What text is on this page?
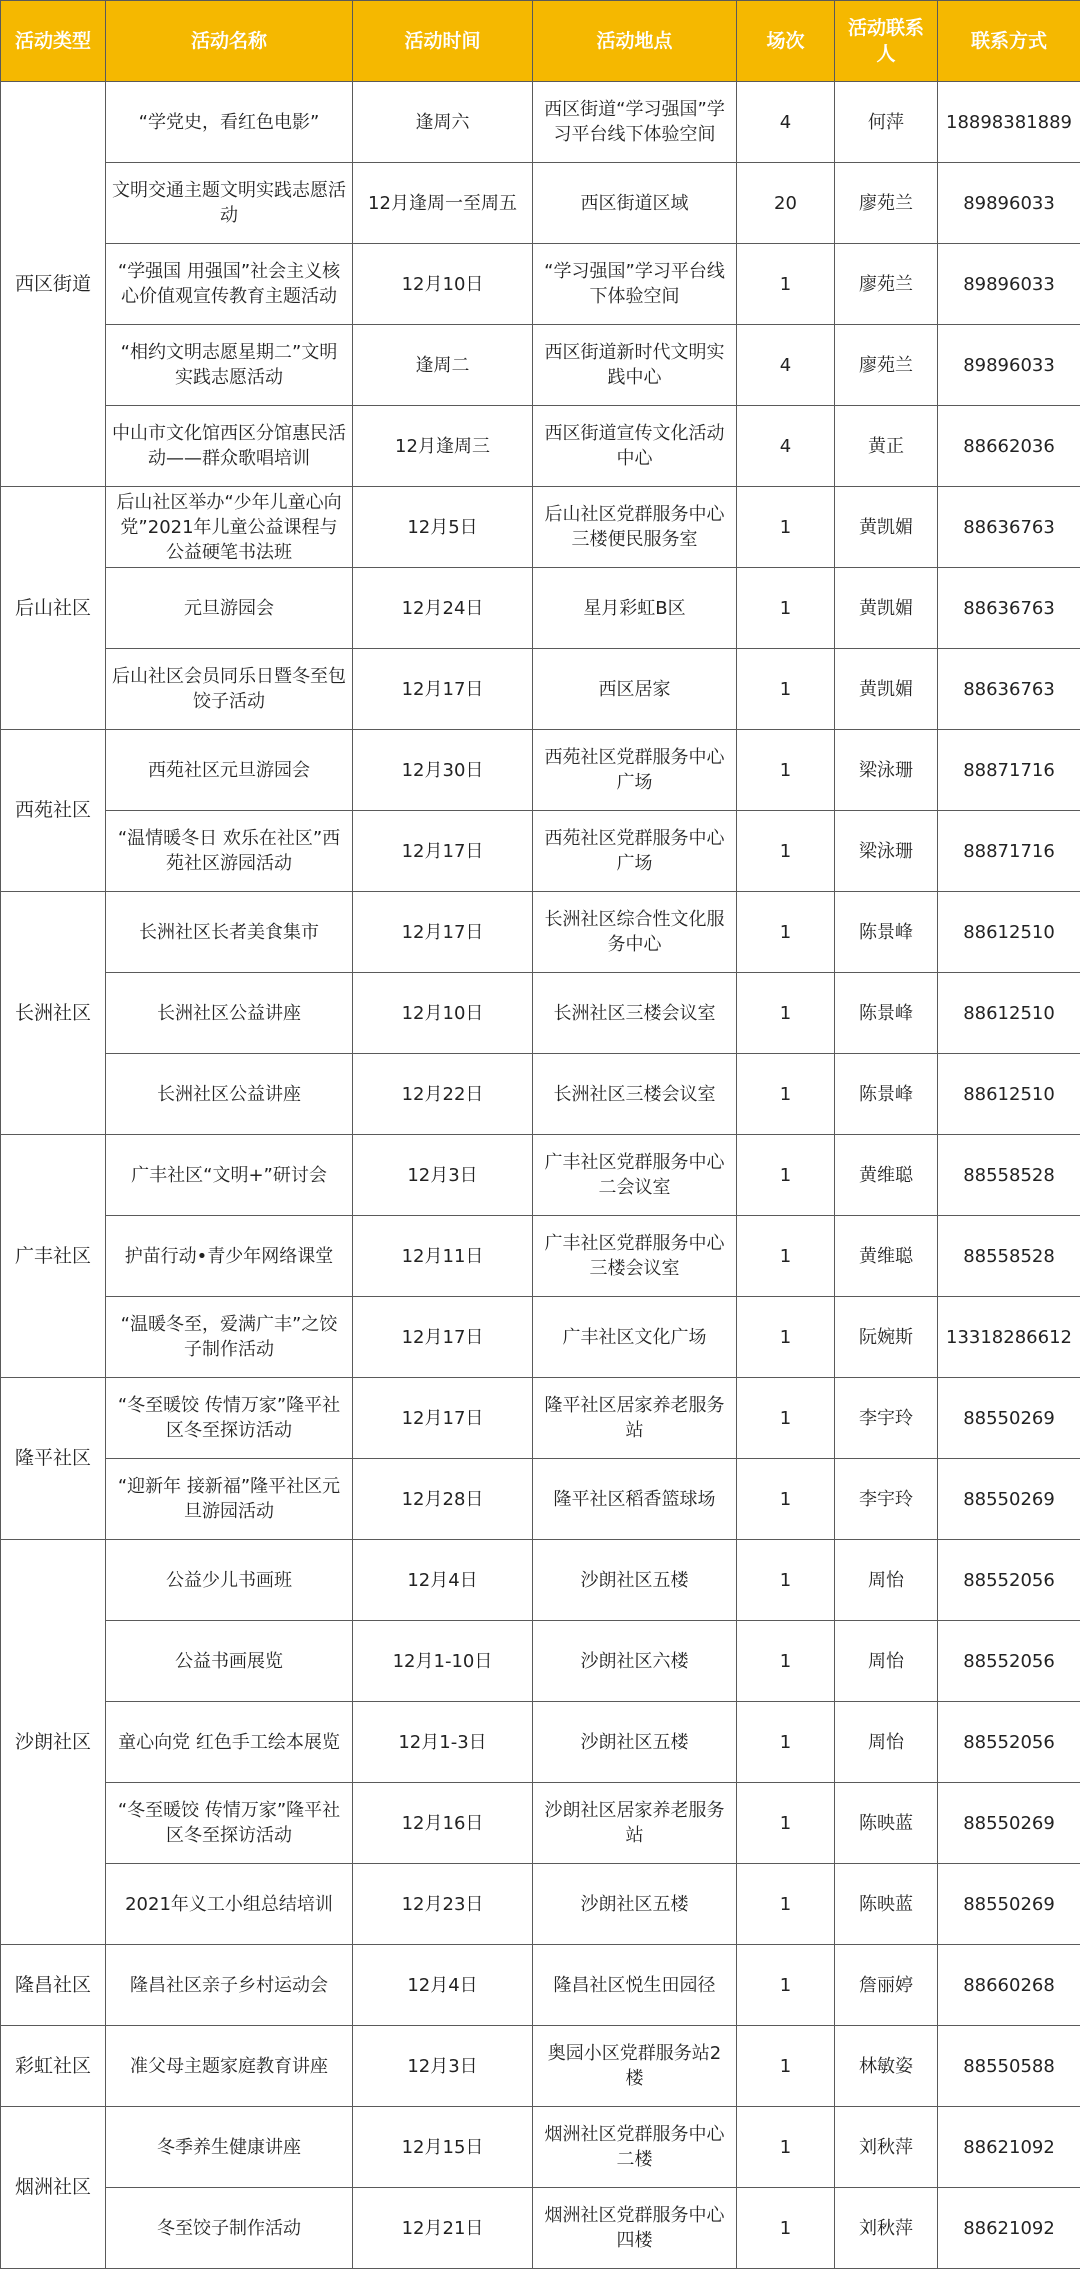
活动类型	活动名称	活动时间	活动地点	场次	活动联系人	联系方式
西区街道	“学党史，看红色电影”	逢周六	西区街道“学习强国”学习平台线下体验空间	4	何萍	18898381889
	文明交通主题文明实践志愿活动	12月逢周一至周五	西区街道区域	20	廖苑兰	89896033
	“学强国 用强国”社会主义核心价值观宣传教育主题活动	12月10日	“学习强国”学习平台线下体验空间	1	廖苑兰	89896033
	“相约文明志愿星期二”文明实践志愿活动	逢周二	西区街道新时代文明实践中心	4	廖苑兰	89896033
	中山市文化馆西区分馆惠民活动——群众歌唱培训	12月逢周三	西区街道宣传文化活动中心	4	黄正	88662036
后山社区	后山社区举办“少年儿童心向党”2021年儿童公益课程与公益硬笔书法班	12月5日	后山社区党群服务中心三楼便民服务室	1	黄凯媚	88636763
	元旦游园会	12月24日	星月彩虹B区	1	黄凯媚	88636763
	后山社区会员同乐日暨冬至包饺子活动	12月17日	西区居家	1	黄凯媚	88636763
西苑社区	西苑社区元旦游园会	12月30日	西苑社区党群服务中心广场	1	梁泳珊	88871716
	“温情暖冬日 欢乐在社区”西苑社区游园活动	12月17日	西苑社区党群服务中心广场	1	梁泳珊	88871716
长洲社区	长洲社区长者美食集市	12月17日	长洲社区综合性文化服务中心	1	陈景峰	88612510
	长洲社区公益讲座	12月10日	长洲社区三楼会议室	1	陈景峰	88612510
	长洲社区公益讲座	12月22日	长洲社区三楼会议室	1	陈景峰	88612510
广丰社区	广丰社区“文明+”研讨会	12月3日	广丰社区党群服务中心二会议室	1	黄维聪	88558528
	护苗行动•青少年网络课堂	12月11日	广丰社区党群服务中心三楼会议室	1	黄维聪	88558528
	“温暖冬至，爱满广丰”之饺子制作活动	12月17日	广丰社区文化广场	1	阮婉斯	13318286612
隆平社区	“冬至暖饺 传情万家”隆平社区冬至探访活动	12月17日	隆平社区居家养老服务站	1	李宇玲	88550269
	“迎新年 接新福”隆平社区元旦游园活动	12月28日	隆平社区稻香篮球场	1	李宇玲	88550269
沙朗社区	公益少儿书画班	12月4日	沙朗社区五楼	1	周怡	88552056
	公益书画展览	12月1-10日	沙朗社区六楼	1	周怡	88552056
	童心向党 红色手工绘本展览	12月1-3日	沙朗社区五楼	1	周怡	88552056
	“冬至暖饺 传情万家”隆平社区冬至探访活动	12月16日	沙朗社区居家养老服务站	1	陈映蓝	88550269
	2021年义工小组总结培训	12月23日	沙朗社区五楼	1	陈映蓝	88550269
隆昌社区	隆昌社区亲子乡村运动会	12月4日	隆昌社区悦生田园径	1	詹丽婷	88660268
彩虹社区	准父母主题家庭教育讲座	12月3日	奥园小区党群服务站2楼	1	林敏姿	88550588
烟洲社区	冬季养生健康讲座	12月15日	烟洲社区党群服务中心二楼	1	刘秋萍	88621092
	冬至饺子制作活动	12月21日	烟洲社区党群服务中心四楼	1	刘秋萍	88621092
